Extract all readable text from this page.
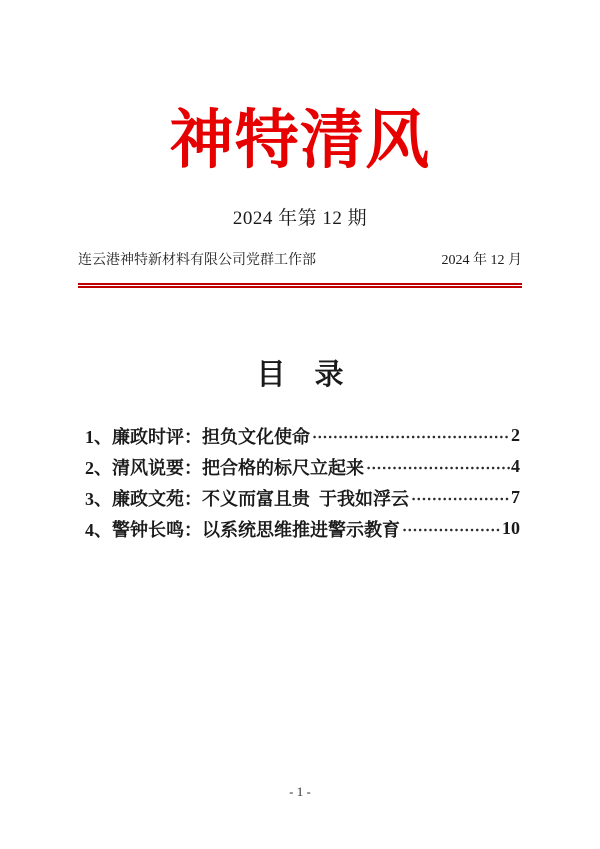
神特清风
2024 年第 12 期
连云港神特新材料有限公司党群工作部	2024 年 12 月
目　录
1、廉政时评：担负文化使命	2
2、清风说要：把合格的标尺立起来	4
3、廉政文苑：不义而富且贵  于我如浮云	7
4、警钟长鸣：以系统思维推进警示教育	10
- 1 -
